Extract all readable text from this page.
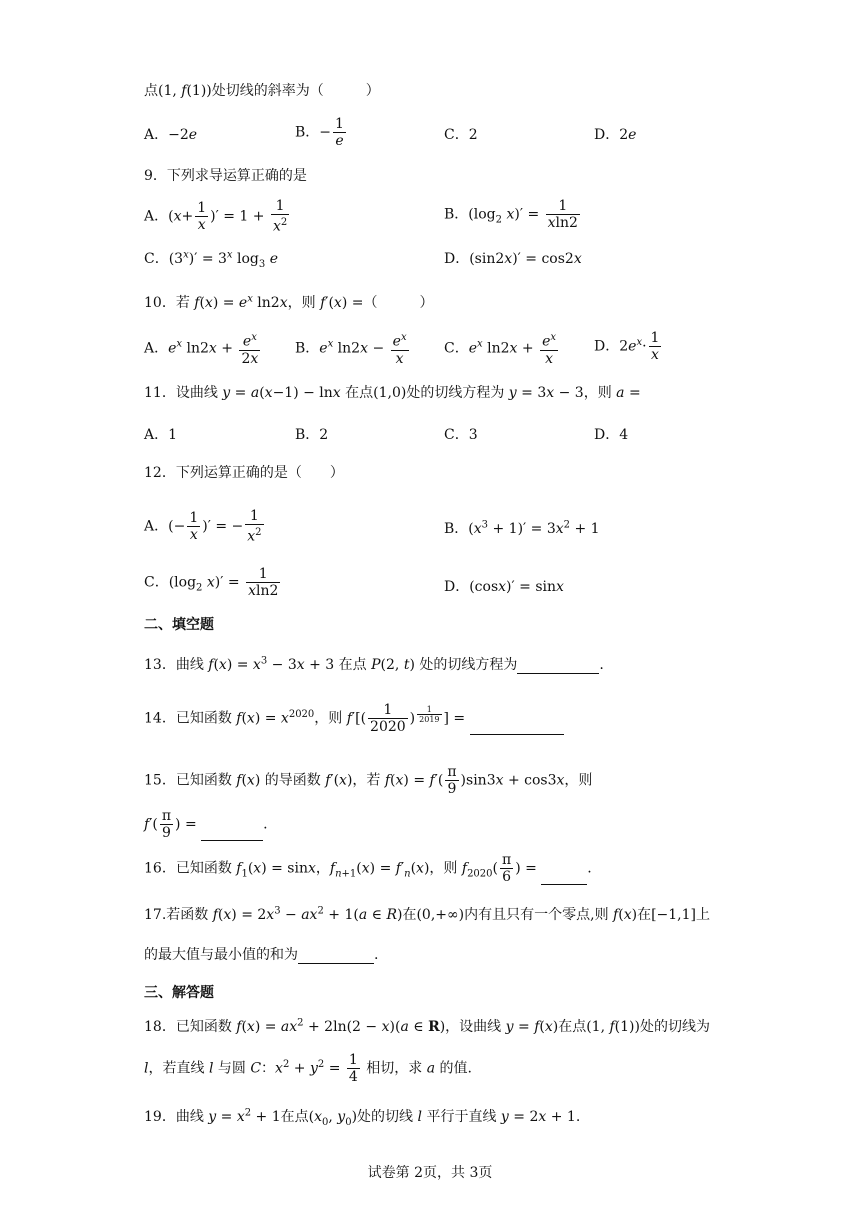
点(1, f(1))处切线的斜率为（　　　）
A．−2e	B．− $\frac{1}{e}$	C．2	D．2e
9．下列求导运算正确的是
A．($x+ \frac{1}{x}$ )′ = $1 + \frac{1}{x^2}$	B．($\log_2$ $x)' = \frac{1}{xln2}$
C．$(3^x)' = 3^x$ $\log_3 e$	D．(sin2x)′ = cos2x
10．若 $f(x) = e^x$ ln2x，则 f′(x) =（　　　）
A．$e^x$ $\ln 2x + \frac{e^x}{2x}$ B．$e^x$ $\ln 2x - \frac{e^x}{x}$	C．$e^x$ $\ln 2x + \frac{e^x}{x}$	D．$2e^x\cdot \frac{1}{x}$
11．设曲线 y = a(x−1) − lnx 在点(1,0)处的切线方程为 y = 3x − 3，则 a =
A．1	B．2	C．3	D．4
12．下列运算正确的是（　　）
A．(− $\frac{1}{x}$ )′ = − $\frac{1}{x^2}$	B．$(x^3 + 1)' = 3x^2 + 1$
C．($\log_2$ $x)' = \frac{1}{xln2}$	D．(cosx)′ = sinx
二、填空题
13．曲线 $f(x) = x^3 - 3x + 3$ 在点 P(2, t) 处的切线方程为	.
14．已知函数 $f(x) = x^{2020}$，则 $f'[( \frac{1}{2020}$ ) $^{\frac{1}{2019}}$ ] =
15．已知函数 f(x) 的导函数 f′(x)，若 $f(x) = f'( \frac{\pi}{9} )\sin 3x + \cos 3x$，则
$f'( \frac{\pi}{9}$ ) =	.
16．已知函数 $f_1(x) = \sin x$，$f_{n+1}(x) = f'_n(x)$，则 $f_{2020}( \frac{\pi}{6}$ ) =	.
17.若函数 $f(x) = 2x^3 - ax^2 + 1(a$ ∈ R)在(0,+∞)内有且只有一个零点,则 f(x)在[−1,1]上
的最大值与最小值的和为	.
三、解答题
18．已知函数 $f(x) = ax^2 + 2\ln(2 - x)(a$ ∈ R)，设曲线 y = f(x)在点(1, f(1))处的切线为
l，若直线 l 与圆 C：$x^2 + y^2 = \frac{1}{4}$ 相切，求 a 的值.
19．曲线 $y = x^2 + 1$在点($x_0$, $y_0$)处的切线 l 平行于直线 y = 2x + 1.
试卷第 2页，共 3页
